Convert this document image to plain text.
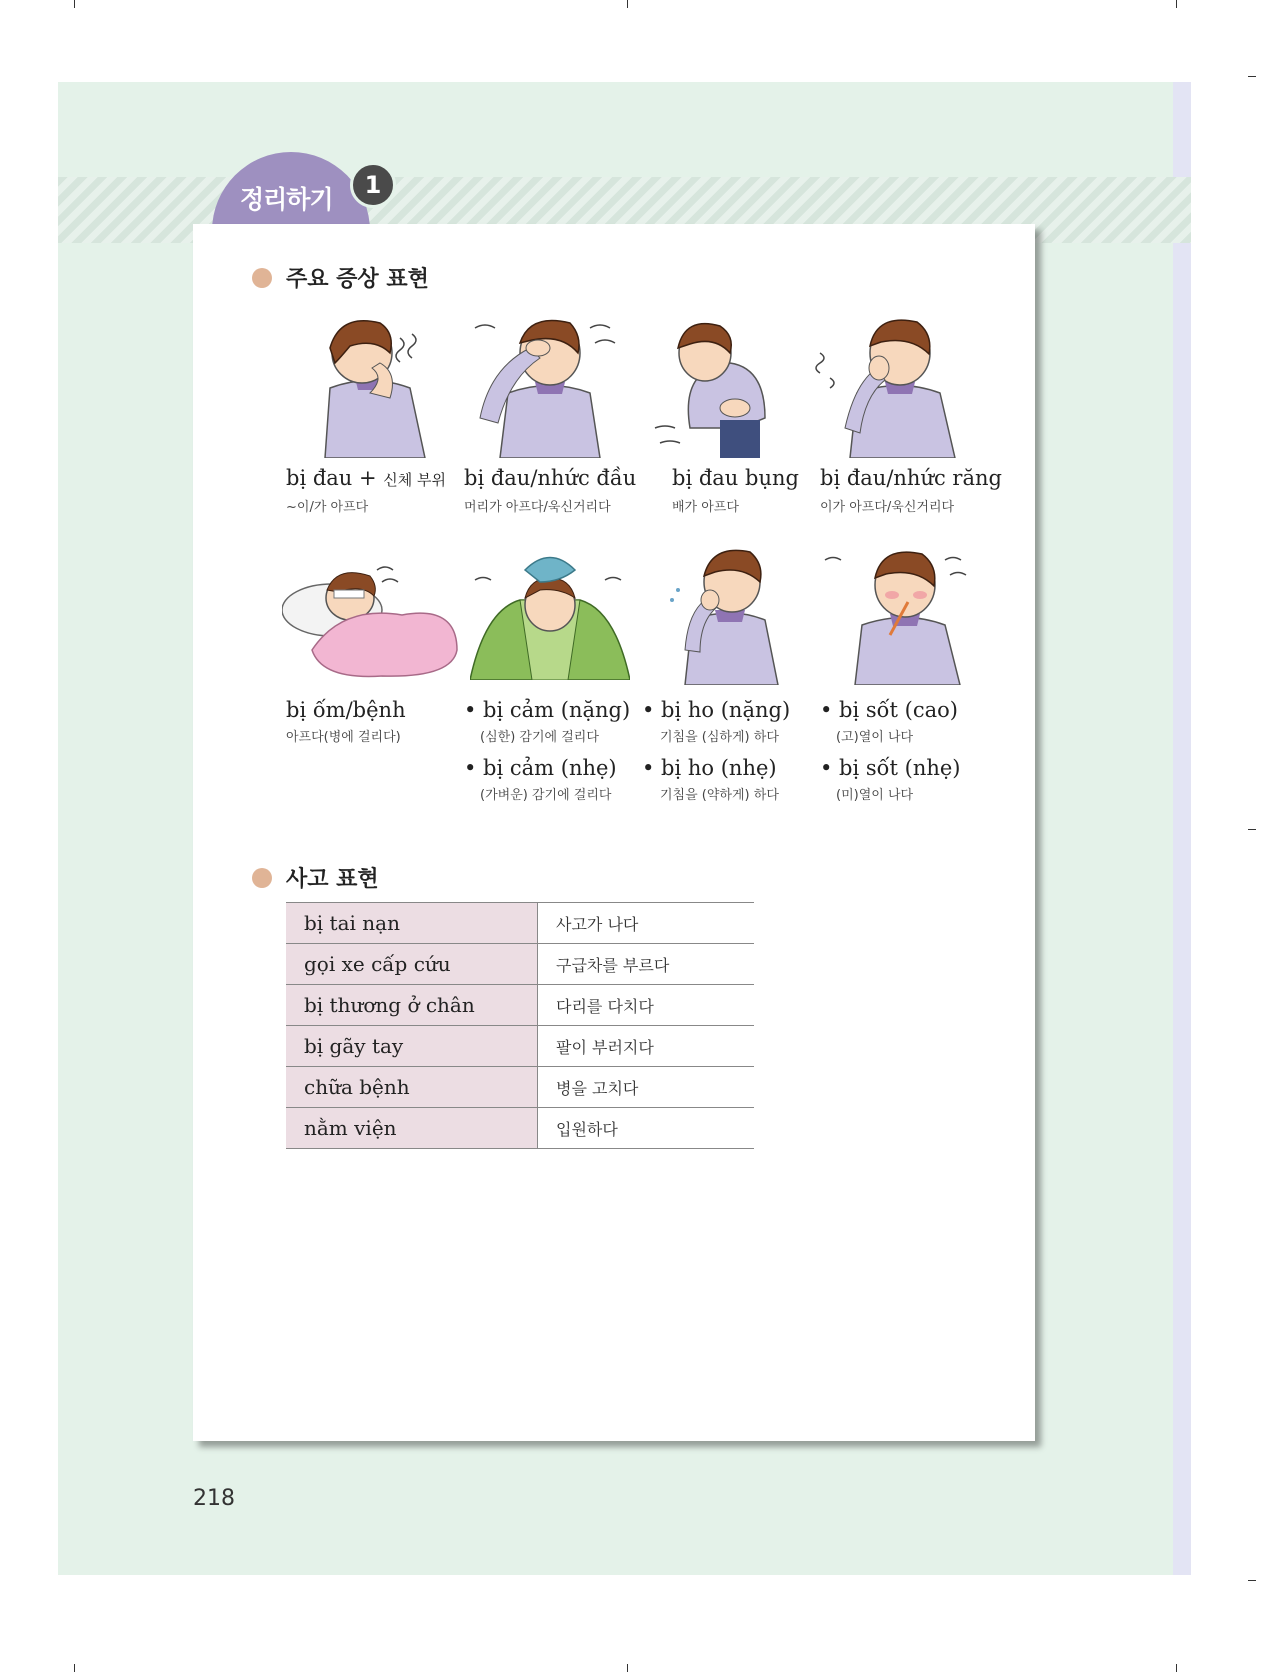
정리하기	1
주요 증상 표현
bị đau + 신체 부위
~이/가 아프다
bị đau/nhức đầu
머리가 아프다/욱신거리다
bị đau bụng
배가 아프다
bị đau/nhức răng
이가 아프다/욱신거리다
bị ốm/bệnh
아프다(병에 걸리다)
• bị cảm (nặng)
(심한) 감기에 걸리다
• bị cảm (nhẹ)
(가벼운) 감기에 걸리다
• bị ho (nặng)
기침을 (심하게) 하다
• bị ho (nhẹ)
기침을 (약하게) 하다
• bị sốt (cao)
(고)열이 나다
• bị sốt (nhẹ)
(미)열이 나다
사고 표현
bị tai nạn	사고가 나다
gọi xe cấp cứu	구급차를 부르다
bị thương ở chân	다리를 다치다
bị gãy tay	팔이 부러지다
chữa bệnh	병을 고치다
nằm viện	입원하다
218
